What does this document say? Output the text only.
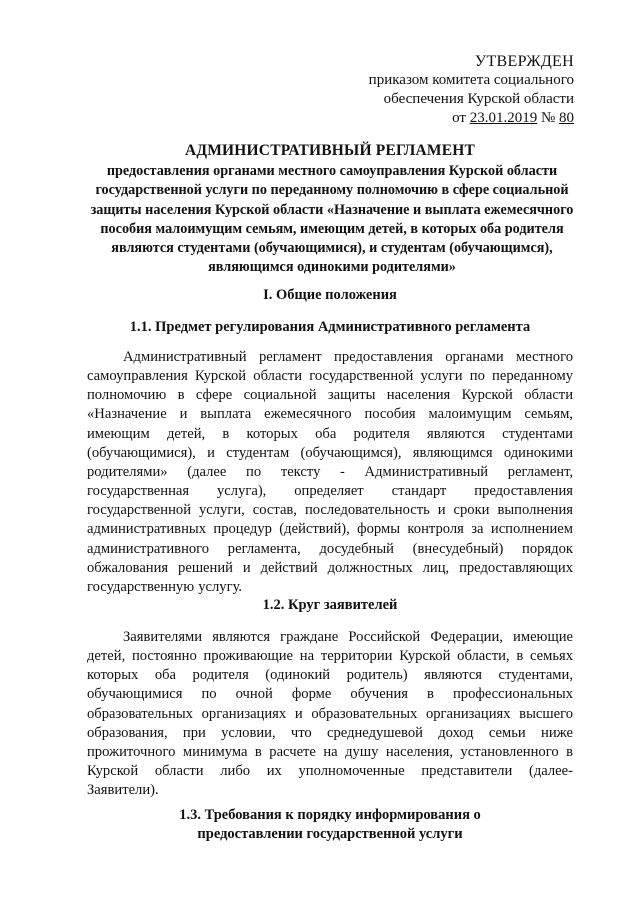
УТВЕРЖДЕН
приказом комитета социального
обеспечения Курской области
от 23.01.2019 № 80
АДМИНИСТРАТИВНЫЙ РЕГЛАМЕНТ
предоставления органами местного самоуправления Курской области государственной услуги по переданному полномочию в сфере социальной защиты населения Курской области «Назначение и выплата ежемесячного пособия малоимущим семьям, имеющим детей, в которых оба родителя являются студентами (обучающимися), и студентам (обучающимся), являющимся одинокими родителями»
I. Общие положения
1.1. Предмет регулирования Административного регламента
Административный регламент предоставления органами местного самоуправления Курской области государственной услуги по переданному полномочию в сфере социальной защиты населения Курской области «Назначение и выплата ежемесячного пособия малоимущим семьям, имеющим детей, в которых оба родителя являются студентами (обучающимися), и студентам (обучающимся), являющимся одинокими родителями» (далее по тексту - Административный регламент, государственная услуга), определяет стандарт предоставления государственной услуги, состав, последовательность и сроки выполнения административных процедур (действий), формы контроля за исполнением административного регламента, досудебный (внесудебный) порядок обжалования решений и действий должностных лиц, предоставляющих государственную услугу.
1.2. Круг заявителей
Заявителями являются граждане Российской Федерации, имеющие детей, постоянно проживающие на территории Курской области, в семьях которых оба родителя (одинокий родитель) являются студентами, обучающимися по очной форме обучения в профессиональных образовательных организациях и образовательных организациях высшего образования, при условии, что среднедушевой доход семьи ниже прожиточного минимума в расчете на душу населения, установленного в Курской области либо их уполномоченные представители (далее- Заявители).
1.3. Требования к порядку информирования о предоставлении государственной услуги
